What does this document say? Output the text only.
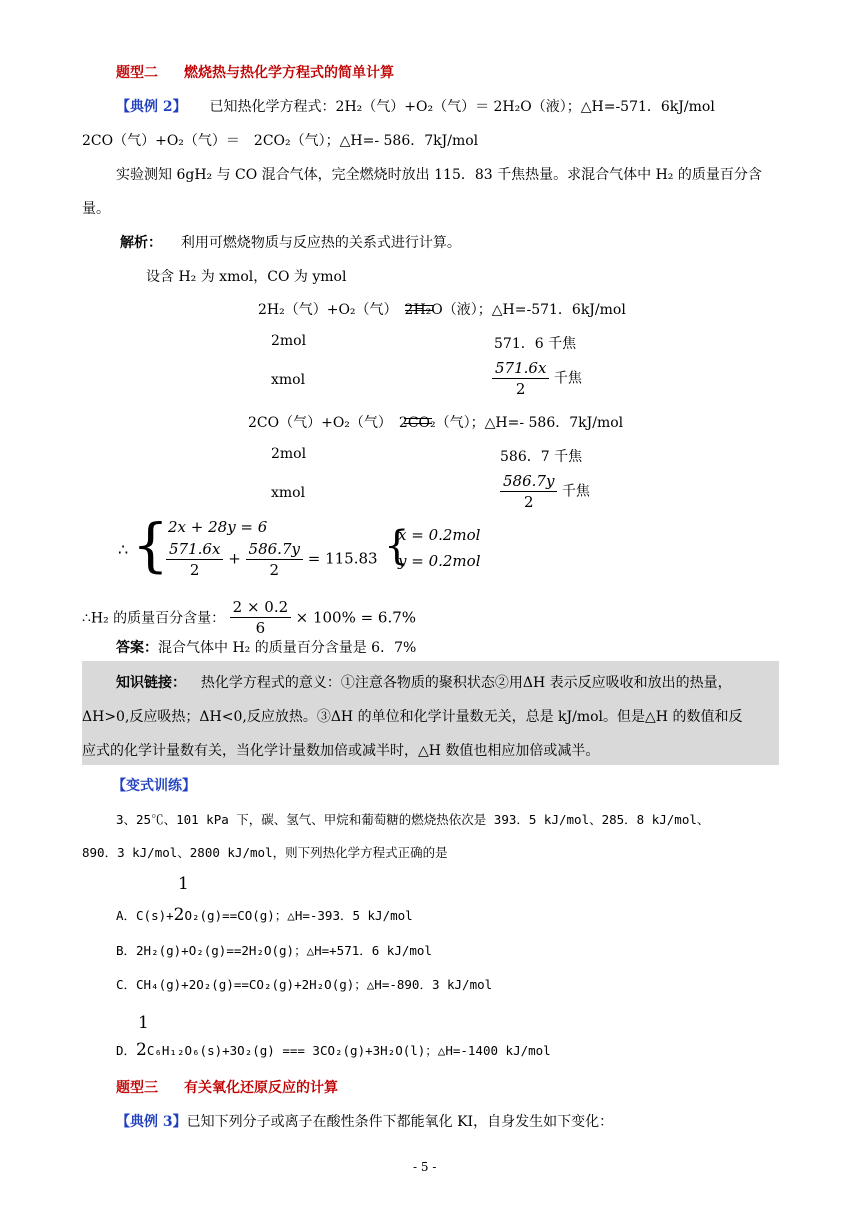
题型二 燃烧热与热化学方程式的简单计算
【典例 2】 已知热化学方程式：2H₂（气）+O₂（气）＝ 2H₂O（液）；△H=-571．6kJ/mol
2CO（气）+O₂（气）＝　2CO₂（气）；△H=- 586．7kJ/mol
实验测知 6gH₂ 与 CO 混合气体，完全燃烧时放出 115．83 千焦热量。求混合气体中 H₂ 的质量百分含
量。
解析： 利用可燃烧物质与反应热的关系式进行计算。
设含 H₂ 为 xmol，CO 为 ymol
2H₂（气）+O₂（气）　2H₂O（液）；△H=-571．6kJ/mol
2mol	571．6 千焦
xmol	$\frac{571.6x}{2}$ 千焦
2CO（气）+O₂（气）　2CO₂（气）；△H=- 586．7kJ/mol
2mol	586．7 千焦
xmol	$\frac{586.7y}{2}$ 千焦
∴ { 2x + 28y = 6
$\frac{571.6x}{2} + \frac{586.7y}{2} = 115.83$ {
x = 0.2mol
y = 0.2mol
∴H₂ 的质量百分含量： $\frac{2 \times 0.2}{6} \times 100\% = 6.7\%$
答案：混合气体中 H₂ 的质量百分含量是 6．7%
知识链接： 热化学方程式的意义：①注意各物质的聚积状态②用ΔH 表示反应吸收和放出的热量，
ΔH>0,反应吸热；ΔH<0,反应放热。③ΔH 的单位和化学计量数无关，总是 kJ/mol。但是△H 的数值和反
应式的化学计量数有关，当化学计量数加倍或减半时，△H 数值也相应加倍或减半。
【变式训练】
3、25℃、101 kPa 下，碳、氢气、甲烷和葡萄糖的燃烧热依次是 393．5 kJ/mol、285．8 kJ/mol、
890．3 kJ/mol、2800 kJ/mol，则下列热化学方程式正确的是
1
A．C(s)+2O₂(g)==CO(g)；△H=-393．5 kJ/mol
B．2H₂(g)+O₂(g)==2H₂O(g)；△H=+571．6 kJ/mol
C．CH₄(g)+2O₂(g)==CO₂(g)+2H₂O(g)；△H=-890．3 kJ/mol
1
D．2C₆H₁₂O₆(s)+3O₂(g) === 3CO₂(g)+3H₂O(l)；△H=-1400 kJ/mol
题型三 有关氧化还原反应的计算
【典例 3】已知下列分子或离子在酸性条件下都能氧化 KI，自身发生如下变化：
- 5 -
